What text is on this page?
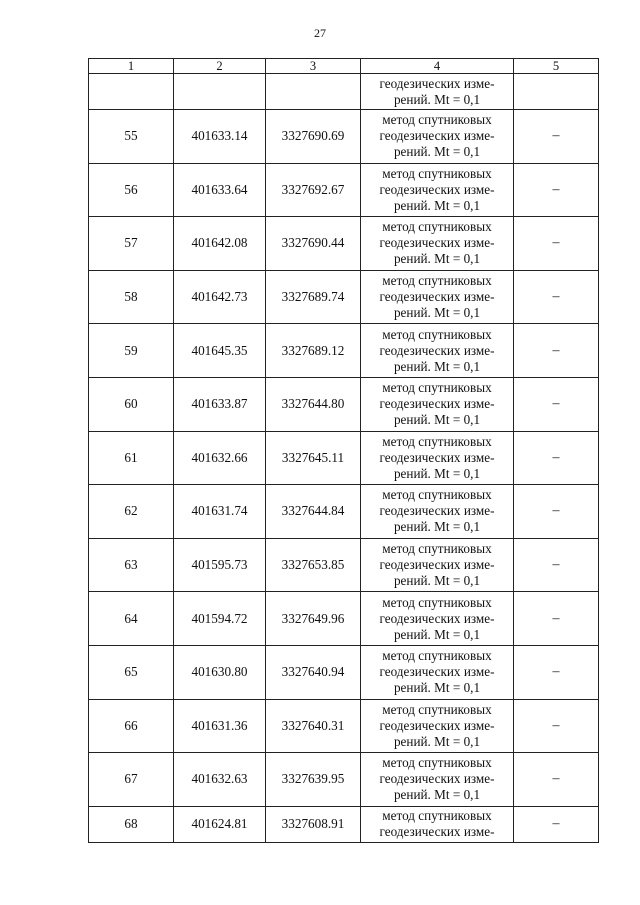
27
1	2	3	4	5

			геодезических изме-
рений. Mt = 0,1	

55	401633.14	3327690.69	метод спутниковых
геодезических изме-
рений. Mt = 0,1	–
56	401633.64	3327692.67	метод спутниковых
геодезических изме-
рений. Mt = 0,1	–
57	401642.08	3327690.44	метод спутниковых
геодезических изме-
рений. Mt = 0,1	–
58	401642.73	3327689.74	метод спутниковых
геодезических изме-
рений. Mt = 0,1	–
59	401645.35	3327689.12	метод спутниковых
геодезических изме-
рений. Mt = 0,1	–
60	401633.87	3327644.80	метод спутниковых
геодезических изме-
рений. Mt = 0,1	–
61	401632.66	3327645.11	метод спутниковых
геодезических изме-
рений. Mt = 0,1	–
62	401631.74	3327644.84	метод спутниковых
геодезических изме-
рений. Mt = 0,1	–
63	401595.73	3327653.85	метод спутниковых
геодезических изме-
рений. Mt = 0,1	–
64	401594.72	3327649.96	метод спутниковых
геодезических изме-
рений. Mt = 0,1	–
65	401630.80	3327640.94	метод спутниковых
геодезических изме-
рений. Mt = 0,1	–
66	401631.36	3327640.31	метод спутниковых
геодезических изме-
рений. Mt = 0,1	–
67	401632.63	3327639.95	метод спутниковых
геодезических изме-
рений. Mt = 0,1	–
68	401624.81	3327608.91	метод спутниковых
геодезических изме-	–
